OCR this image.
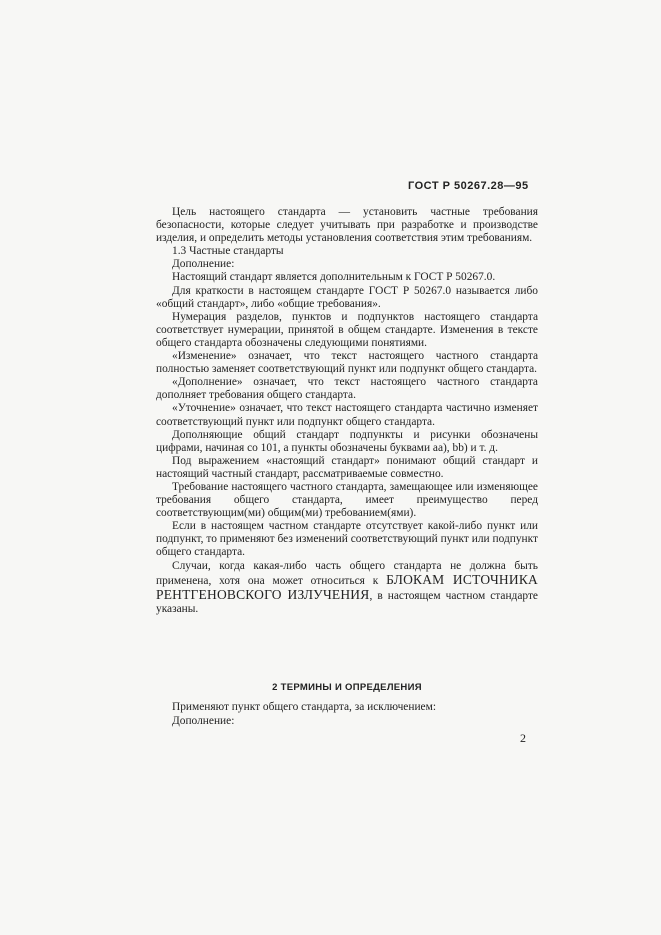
ГОСТ Р 50267.28—95

Цель настоящего стандарта — установить частные требования безопасности, которые следует учитывать при разработке и производстве изделия, и определить методы установления соответствия этим требованиям.

1.3 Частные стандарты

Дополнение:

Настоящий стандарт является дополнительным к ГОСТ Р 50267.0.

Для краткости в настоящем стандарте ГОСТ Р 50267.0 называется либо «общий стандарт», либо «общие требования».

Нумерация разделов, пунктов и подпунктов настоящего стандарта соответствует нумерации, принятой в общем стандарте. Изменения в тексте общего стандарта обозначены следующими понятиями.

«Изменение» означает, что текст настоящего частного стандарта полностью заменяет соответствующий пункт или подпункт общего стандарта.

«Дополнение» означает, что текст настоящего частного стандарта дополняет требования общего стандарта.

«Уточнение» означает, что текст настоящего стандарта частично изменяет соответствующий пункт или подпункт общего стандарта.

Дополняющие общий стандарт подпункты и рисунки обозначены цифрами, начиная со 101, а пункты обозначены буквами аа), bb) и т. д.

Под выражением «настоящий стандарт» понимают общий стандарт и настоящий частный стандарт, рассматриваемые совместно.

Требование настоящего частного стандарта, замещающее или изменяющее требования общего стандарта, имеет преимущество перед соответствующим(ми) общим(ми) требованием(ями).

Если в настоящем частном стандарте отсутствует какой-либо пункт или подпункт, то применяют без изменений соответствующий пункт или подпункт общего стандарта.

Случаи, когда какая-либо часть общего стандарта не должна быть применена, хотя она может относиться к БЛОКАМ ИСТОЧНИКА РЕНТГЕНОВСКОГО ИЗЛУЧЕНИЯ, в настоящем частном стандарте указаны.

2 ТЕРМИНЫ И ОПРЕДЕЛЕНИЯ

Применяют пункт общего стандарта, за исключением:

Дополнение:

2
